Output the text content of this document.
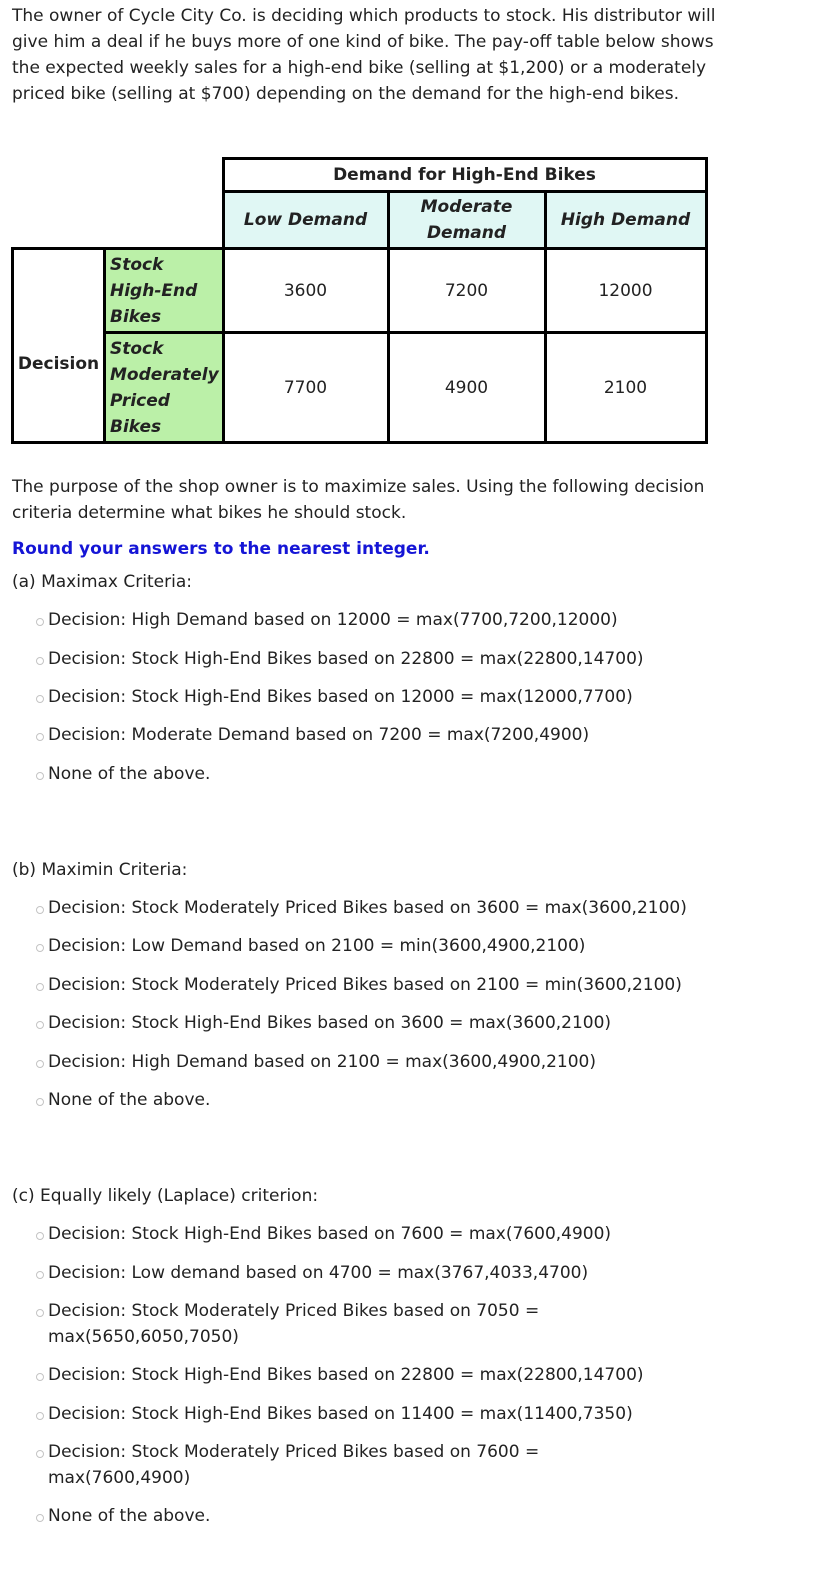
The owner of Cycle City Co. is deciding which products to stock. His distributor will give him a deal if he buys more of one kind of bike. The pay-off table below shows the expected weekly sales for a high-end bike (selling at $1,200) or a moderately priced bike (selling at $700) depending on the demand for the high-end bikes.

		Demand for High-End Bikes		
		Low Demand	Moderate Demand	High Demand
Decision	Stock High-End Bikes	3600	7200	12000
	Stock Moderately Priced Bikes	7700	4900	2100

The purpose of the shop owner is to maximize sales. Using the following decision criteria determine what bikes he should stock.

Round your answers to the nearest integer.

(a) Maximax Criteria:

Decision: High Demand based on 12000 = max(7700,7200,12000)
Decision: Stock High-End Bikes based on 22800 = max(22800,14700)
Decision: Stock High-End Bikes based on 12000 = max(12000,7700)
Decision: Moderate Demand based on 7200 = max(7200,4900)
None of the above.

(b) Maximin Criteria:

Decision: Stock Moderately Priced Bikes based on 3600 = max(3600,2100)
Decision: Low Demand based on 2100 = min(3600,4900,2100)
Decision: Stock Moderately Priced Bikes based on 2100 = min(3600,2100)
Decision: Stock High-End Bikes based on 3600 = max(3600,2100)
Decision: High Demand based on 2100 = max(3600,4900,2100)
None of the above.

(c) Equally likely (Laplace) criterion:

Decision: Stock High-End Bikes based on 7600 = max(7600,4900)
Decision: Low demand based on 4700 = max(3767,4033,4700)
Decision: Stock Moderately Priced Bikes based on 7050 = max(5650,6050,7050)
Decision: Stock High-End Bikes based on 22800 = max(22800,14700)
Decision: Stock High-End Bikes based on 11400 = max(11400,7350)
Decision: Stock Moderately Priced Bikes based on 7600 = max(7600,4900)
None of the above.
